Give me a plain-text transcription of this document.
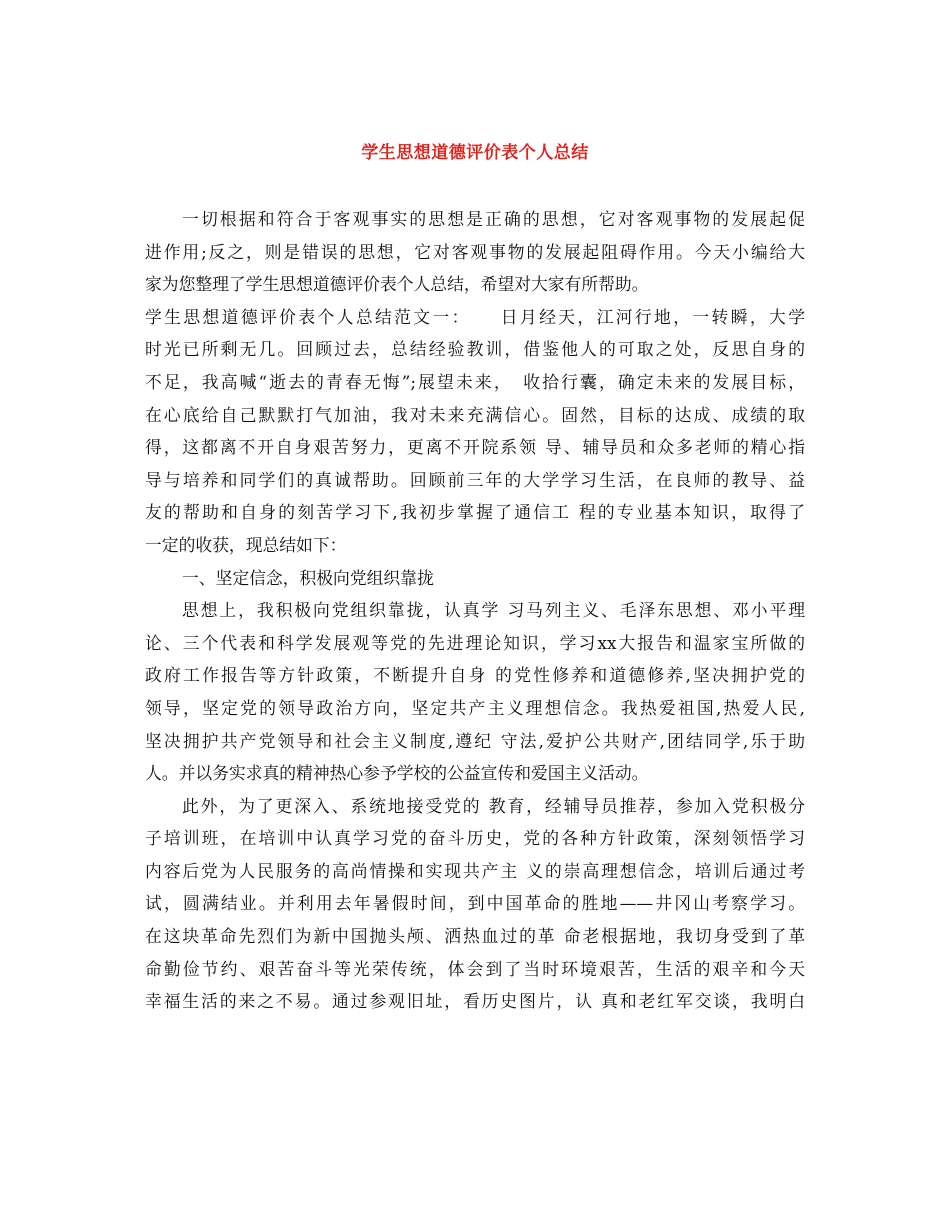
学生思想道德评价表个人总结
一切根据和符合于客观事实的思想是正确的思想，它对客观事物的发展起促
进作用;反之，则是错误的思想，它对客观事物的发展起阻碍作用。今天小编给大
家为您整理了学生思想道德评价表个人总结，希望对大家有所帮助。
学生思想道德评价表个人总结范文一：　　日月经天，江河行地，一转瞬，大学
时光已所剩无几。回顾过去，总结经验教训，借鉴他人的可取之处，反思自身的
不足，我高喊“逝去的青春无悔”;展望未来，　收拾行囊，确定未来的发展目标，
在心底给自己默默打气加油，我对未来充满信心。固然，目标的达成、成绩的取
得，这都离不开自身艰苦努力，更离不开院系领 导、辅导员和众多老师的精心指
导与培养和同学们的真诚帮助。回顾前三年的大学学习生活，在良师的教导、益
友的帮助和自身的刻苦学习下,我初步掌握了通信工 程的专业基本知识，取得了
一定的收获，现总结如下：
一、坚定信念，积极向党组织靠拢
思想上，我积极向党组织靠拢，认真学 习马列主义、毛泽东思想、邓小平理
论、三个代表和科学发展观等党的先进理论知识，学习xx大报告和温家宝所做的
政府工作报告等方针政策，不断提升自身 的党性修养和道德修养,坚决拥护党的
领导，坚定党的领导政治方向，坚定共产主义理想信念。我热爱祖国,热爱人民,
坚决拥护共产党领导和社会主义制度,遵纪 守法,爱护公共财产,团结同学,乐于助
人。并以务实求真的精神热心参予学校的公益宣传和爱国主义活动。
此外，为了更深入、系统地接受党的 教育，经辅导员推荐，参加入党积极分
子培训班，在培训中认真学习党的奋斗历史，党的各种方针政策，深刻领悟学习
内容后党为人民服务的高尚情操和实现共产主 义的崇高理想信念，培训后通过考
试，圆满结业。并利用去年暑假时间，到中国革命的胜地——井冈山考察学习。
在这块革命先烈们为新中国抛头颅、洒热血过的革 命老根据地，我切身受到了革
命勤俭节约、艰苦奋斗等光荣传统，体会到了当时环境艰苦，生活的艰辛和今天
幸福生活的来之不易。通过参观旧址，看历史图片，认 真和老红军交谈，我明白
